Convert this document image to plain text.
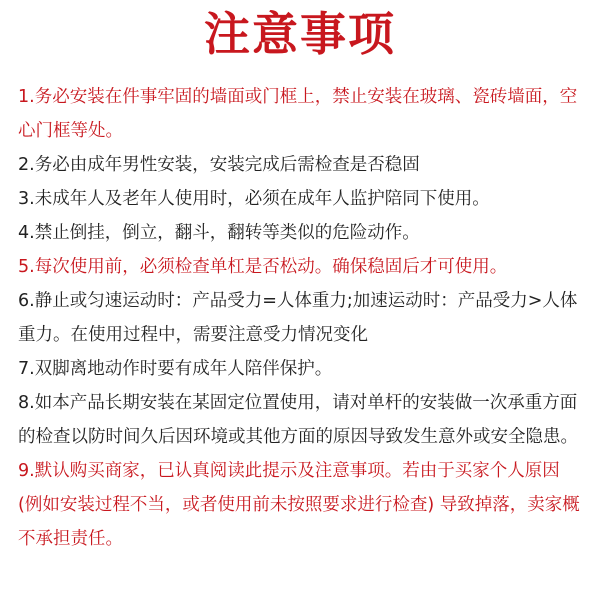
注意事项

1.务必安装在件事牢固的墙面或门框上，禁止安装在玻璃、瓷砖墙面，空心门框等处。

2.务必由成年男性安装，安装完成后需检查是否稳固

3.未成年人及老年人使用时，必须在成年人监护陪同下使用。

4.禁止倒挂，倒立，翻斗，翻转等类似的危险动作。

5.每次使用前，必须检查单杠是否松动。确保稳固后才可使用。

6.静止或匀速运动时：产品受力=人体重力;加速运动时：产品受力>人体重力。在使用过程中，需要注意受力情况变化

7.双脚离地动作时要有成年人陪伴保护。

8.如本产品长期安装在某固定位置使用，请对单杆的安装做一次承重方面的检查以防时间久后因环境或其他方面的原因导致发生意外或安全隐患。

9.默认购买商家，已认真阅读此提示及注意事项。若由于买家个人原因(例如安装过程不当，或者使用前未按照要求进行检查) 导致掉落，卖家概不承担责任。
